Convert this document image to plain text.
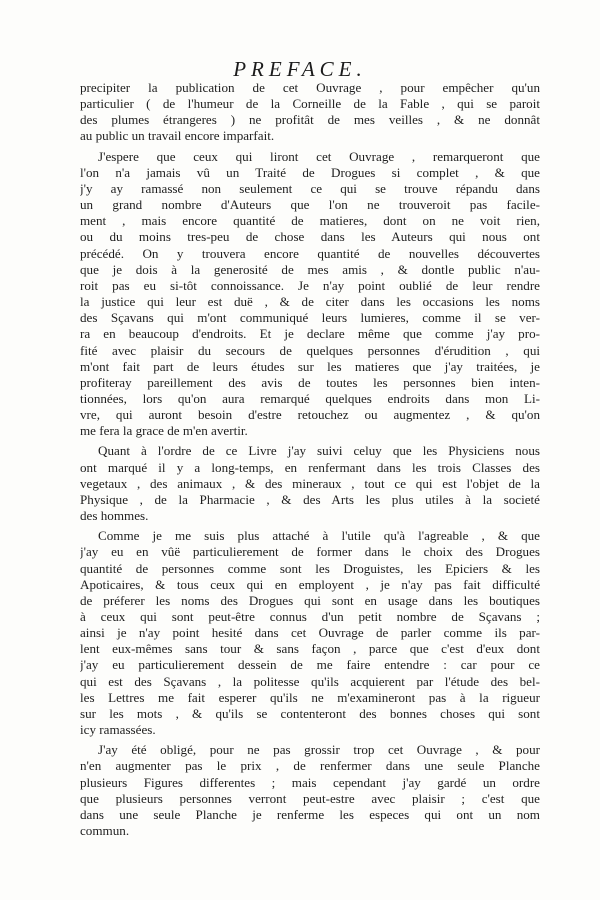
PREFACE.
precipiter la publication de cet Ouvrage , pour empêcher qu'un
particulier ( de l'humeur de la Corneille de la Fable , qui se paroit
des plumes étrangeres ) ne profitât de mes veilles , & ne donnât
au public un travail encore imparfait.
J'espere que ceux qui liront cet Ouvrage , remarqueront que
l'on n'a jamais vû un Traité de Drogues si complet , & que
j'y ay ramassé non seulement ce qui se trouve répandu dans
un grand nombre d'Auteurs que l'on ne trouveroit pas facile-
ment , mais encore quantité de matieres, dont on ne voit rien,
ou du moins tres-peu de chose dans les Auteurs qui nous ont
précédé. On y trouvera encore quantité de nouvelles découvertes
que je dois à la generosité de mes amis , & dontle public n'au-
roit pas eu si-tôt connoissance. Je n'ay point oublié de leur rendre
la justice qui leur est duë , & de citer dans les occasions les noms
des Sçavans qui m'ont communiqué leurs lumieres, comme il se ver-
ra en beaucoup d'endroits. Et je declare même que comme j'ay pro-
fité avec plaisir du secours de quelques personnes d'érudition , qui
m'ont fait part de leurs études sur les matieres que j'ay traitées, je
profiteray pareillement des avis de toutes les personnes bien inten-
tionnées, lors qu'on aura remarqué quelques endroits dans mon Li-
vre, qui auront besoin d'estre retouchez ou augmentez , & qu'on
me fera la grace de m'en avertir.
Quant à l'ordre de ce Livre j'ay suivi celuy que les Physiciens nous
ont marqué il y a long-temps, en renfermant dans les trois Classes des
vegetaux , des animaux , & des mineraux , tout ce qui est l'objet de la
Physique , de la Pharmacie , & des Arts les plus utiles à la societé
des hommes.
Comme je me suis plus attaché à l'utile qu'à l'agreable , & que
j'ay eu en vûë particulierement de former dans le choix des Drogues
quantité de personnes comme sont les Droguistes, les Epiciers & les
Apoticaires, & tous ceux qui en employent , je n'ay pas fait difficulté
de préferer les noms des Drogues qui sont en usage dans les boutiques
à ceux qui sont peut-être connus d'un petit nombre de Sçavans ;
ainsi je n'ay point hesité dans cet Ouvrage de parler comme ils par-
lent eux-mêmes sans tour & sans façon , parce que c'est d'eux dont
j'ay eu particulierement dessein de me faire entendre : car pour ce
qui est des Sçavans , la politesse qu'ils acquierent par l'étude des bel-
les Lettres me fait esperer qu'ils ne m'examineront pas à la rigueur
sur les mots , & qu'ils se contenteront des bonnes choses qui sont
icy ramassées.
J'ay été obligé, pour ne pas grossir trop cet Ouvrage , & pour
n'en augmenter pas le prix , de renfermer dans une seule Planche
plusieurs Figures differentes ; mais cependant j'ay gardé un ordre
que plusieurs personnes verront peut-estre avec plaisir ; c'est que
dans une seule Planche je renferme les especes qui ont un nom
commun.
